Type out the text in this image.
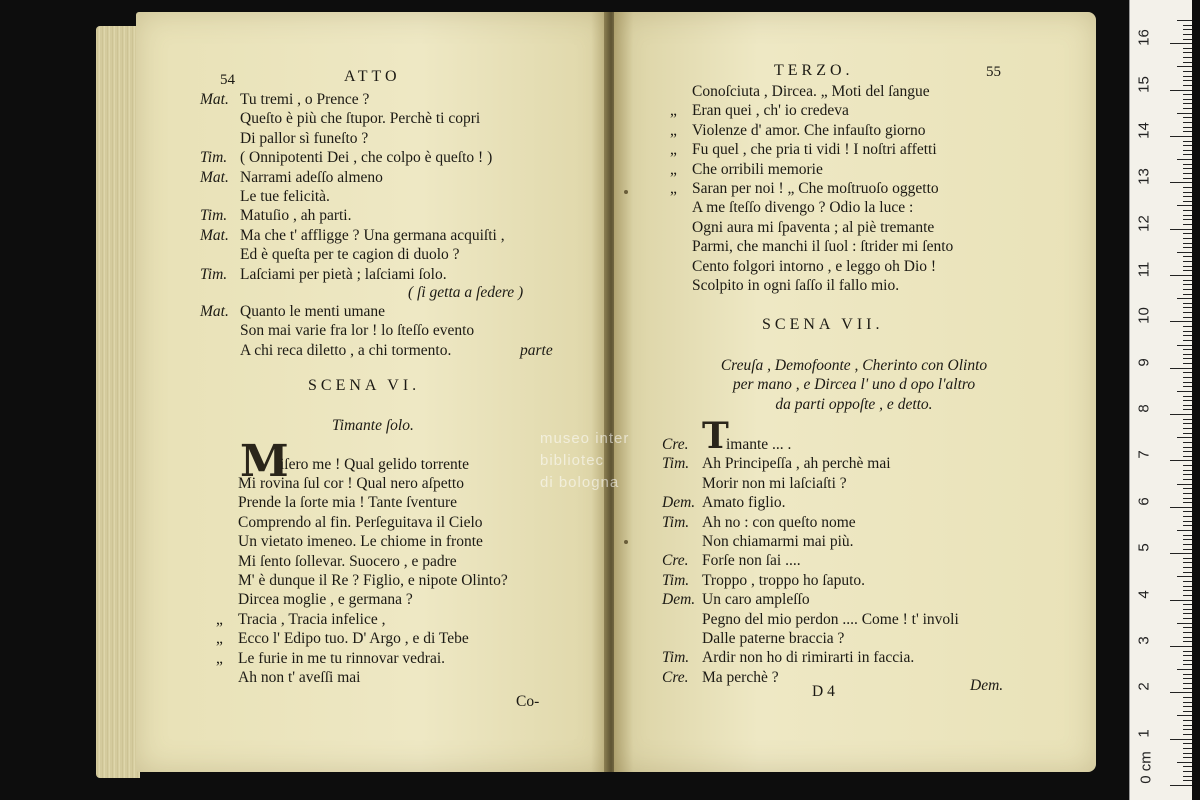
54	ATTO
Mat. Tu tremi , o Prence ?
Queſto è più che ſtupor. Perchè ti copri
Di pallor sì funeſto ?
Tim. ( Onnipotenti Dei , che colpo è queſto ! )
Mat. Narrami adeſſo almeno
Le tue felicità.
Tim. Matuſio , ah parti.
Mat. Ma che t' affligge ? Una germana acquiſti ,
Ed è queſta per te cagion di duolo ?
Tim. Laſciami per pietà ; laſciami ſolo.
( ſi getta a ſedere )
Mat. Quanto le menti umane
Son mai varie fra lor ! lo ſteſſo evento
A chi reca diletto , a chi tormento.	parte
SCENA VI.
Timante ſolo.
M
iſero me ! Qual gelido torrente
Mi rovina ſul cor ! Qual nero aſpetto
Prende la ſorte mia ! Tante ſventure
Comprendo al fin. Perſeguitava il Cielo
Un vietato imeneo. Le chiome in fronte
Mi ſento ſollevar. Suocero , e padre
M' è dunque il Re ? Figlio, e nipote Olinto?
Dircea moglie , e germana ?
„ Tracia , Tracia infelice ,
„ Ecco l' Edipo tuo. D' Argo , e di Tebe
„ Le furie in me tu rinnovar vedrai.
Ah non t' aveſſi mai
Co-
TERZO.	55
Conoſciuta , Dircea. „ Moti del ſangue
„ Eran quei , ch' io credeva
„ Violenze d' amor. Che infauſto giorno
„ Fu quel , che pria ti vidi ! I noſtri affetti
„ Che orribili memorie
„ Saran per noi ! „ Che moſtruoſo oggetto
A me ſteſſo divengo ? Odio la luce :
Ogni aura mi ſpaventa ; al piè tremante
Parmi, che manchi il ſuol : ſtrider mi ſento
Cento folgori intorno , e leggo oh Dio !
Scolpito in ogni ſaſſo il fallo mio.
SCENA VII.
Creuſa , Demofoonte , Cherinto con Olinto
per mano , e Dircea l' uno d opo l'altro
da parti oppoſte , e detto.
T
Cre. imante ... .
Tim. Ah Principeſſa , ah perchè mai
Morir non mi laſciaſti ?
Dem. Amato figlio.
Tim. Ah no : con queſto nome
Non chiamarmi mai più.
Cre. Forſe non ſai ....
Tim. Troppo , troppo ho ſaputo.
Dem. Un caro ampleſſo
Pegno del mio perdon .... Come ! t' involi
Dalle paterne braccia ?
Tim. Ardir non ho di rimirarti in faccia.
Cre. Ma perchè ?
D 4	Dem.
museo inter
bibliotec
di bologna
16
15
14
13
12
11
10
9
8
7
6
5
4
3
2
1
0 cm
